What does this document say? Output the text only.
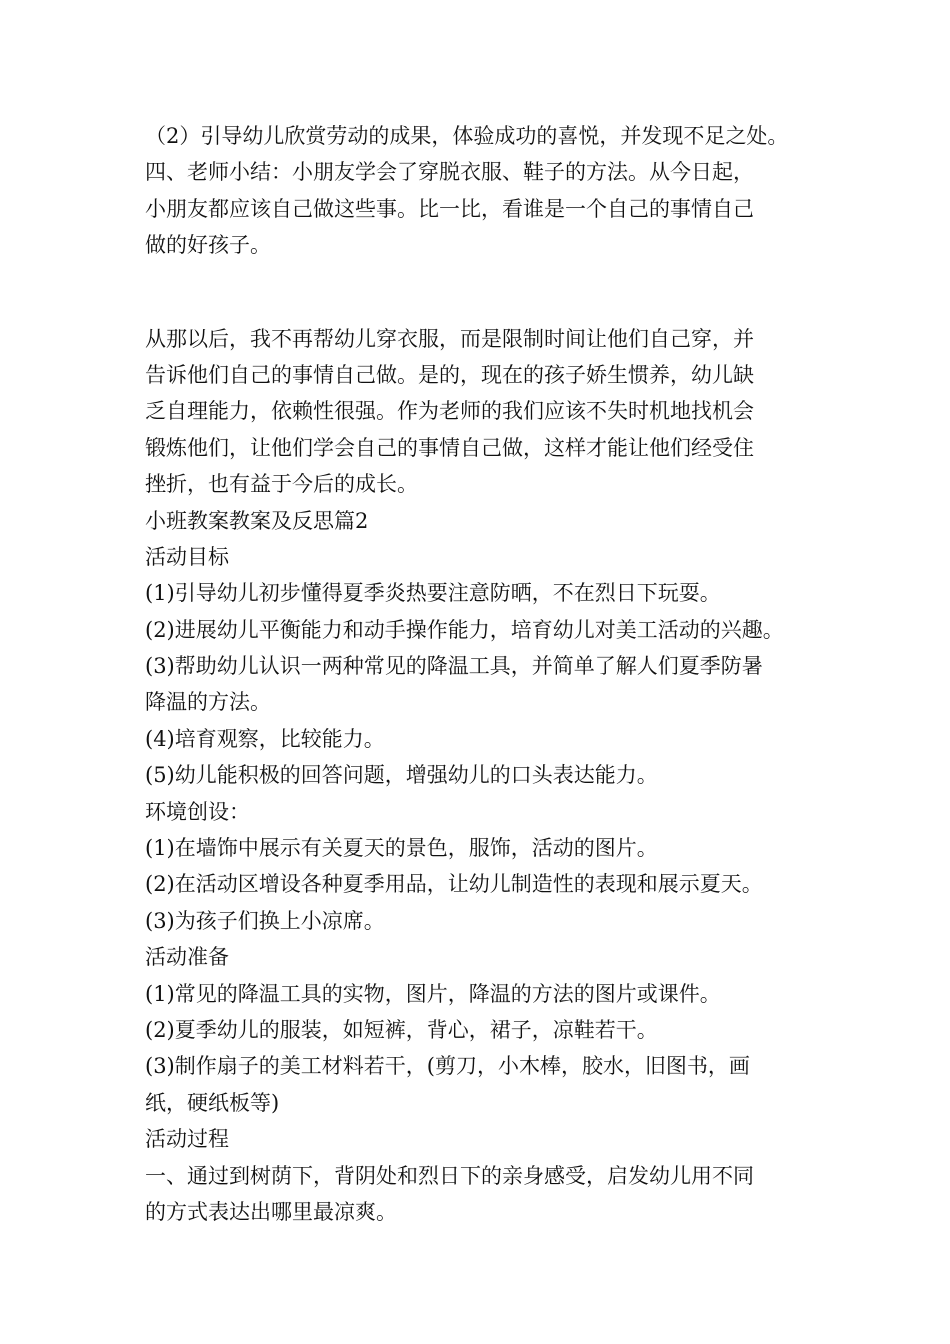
（2）引导幼儿欣赏劳动的成果，体验成功的喜悦，并发现不足之处。
四、老师小结：小朋友学会了穿脱衣服、鞋子的方法。从今日起，
小朋友都应该自己做这些事。比一比，看谁是一个自己的事情自己
做的好孩子。
从那以后，我不再帮幼儿穿衣服，而是限制时间让他们自己穿，并
告诉他们自己的事情自己做。是的，现在的孩子娇生惯养，幼儿缺
乏自理能力，依赖性很强。作为老师的我们应该不失时机地找机会
锻炼他们，让他们学会自己的事情自己做，这样才能让他们经受住
挫折，也有益于今后的成长。
小班教案教案及反思篇2
活动目标
(1)引导幼儿初步懂得夏季炎热要注意防晒，不在烈日下玩耍。
(2)进展幼儿平衡能力和动手操作能力，培育幼儿对美工活动的兴趣。
(3)帮助幼儿认识一两种常见的降温工具，并简单了解人们夏季防暑
降温的方法。
(4)培育观察，比较能力。
(5)幼儿能积极的回答问题，增强幼儿的口头表达能力。
环境创设：
(1)在墙饰中展示有关夏天的景色，服饰，活动的图片。
(2)在活动区增设各种夏季用品，让幼儿制造性的表现和展示夏天。
(3)为孩子们换上小凉席。
活动准备
(1)常见的降温工具的实物，图片，降温的方法的图片或课件。
(2)夏季幼儿的服装，如短裤，背心，裙子，凉鞋若干。
(3)制作扇子的美工材料若干，(剪刀，小木棒，胶水，旧图书，画
纸，硬纸板等)
活动过程
一、通过到树荫下，背阴处和烈日下的亲身感受，启发幼儿用不同
的方式表达出哪里最凉爽。
